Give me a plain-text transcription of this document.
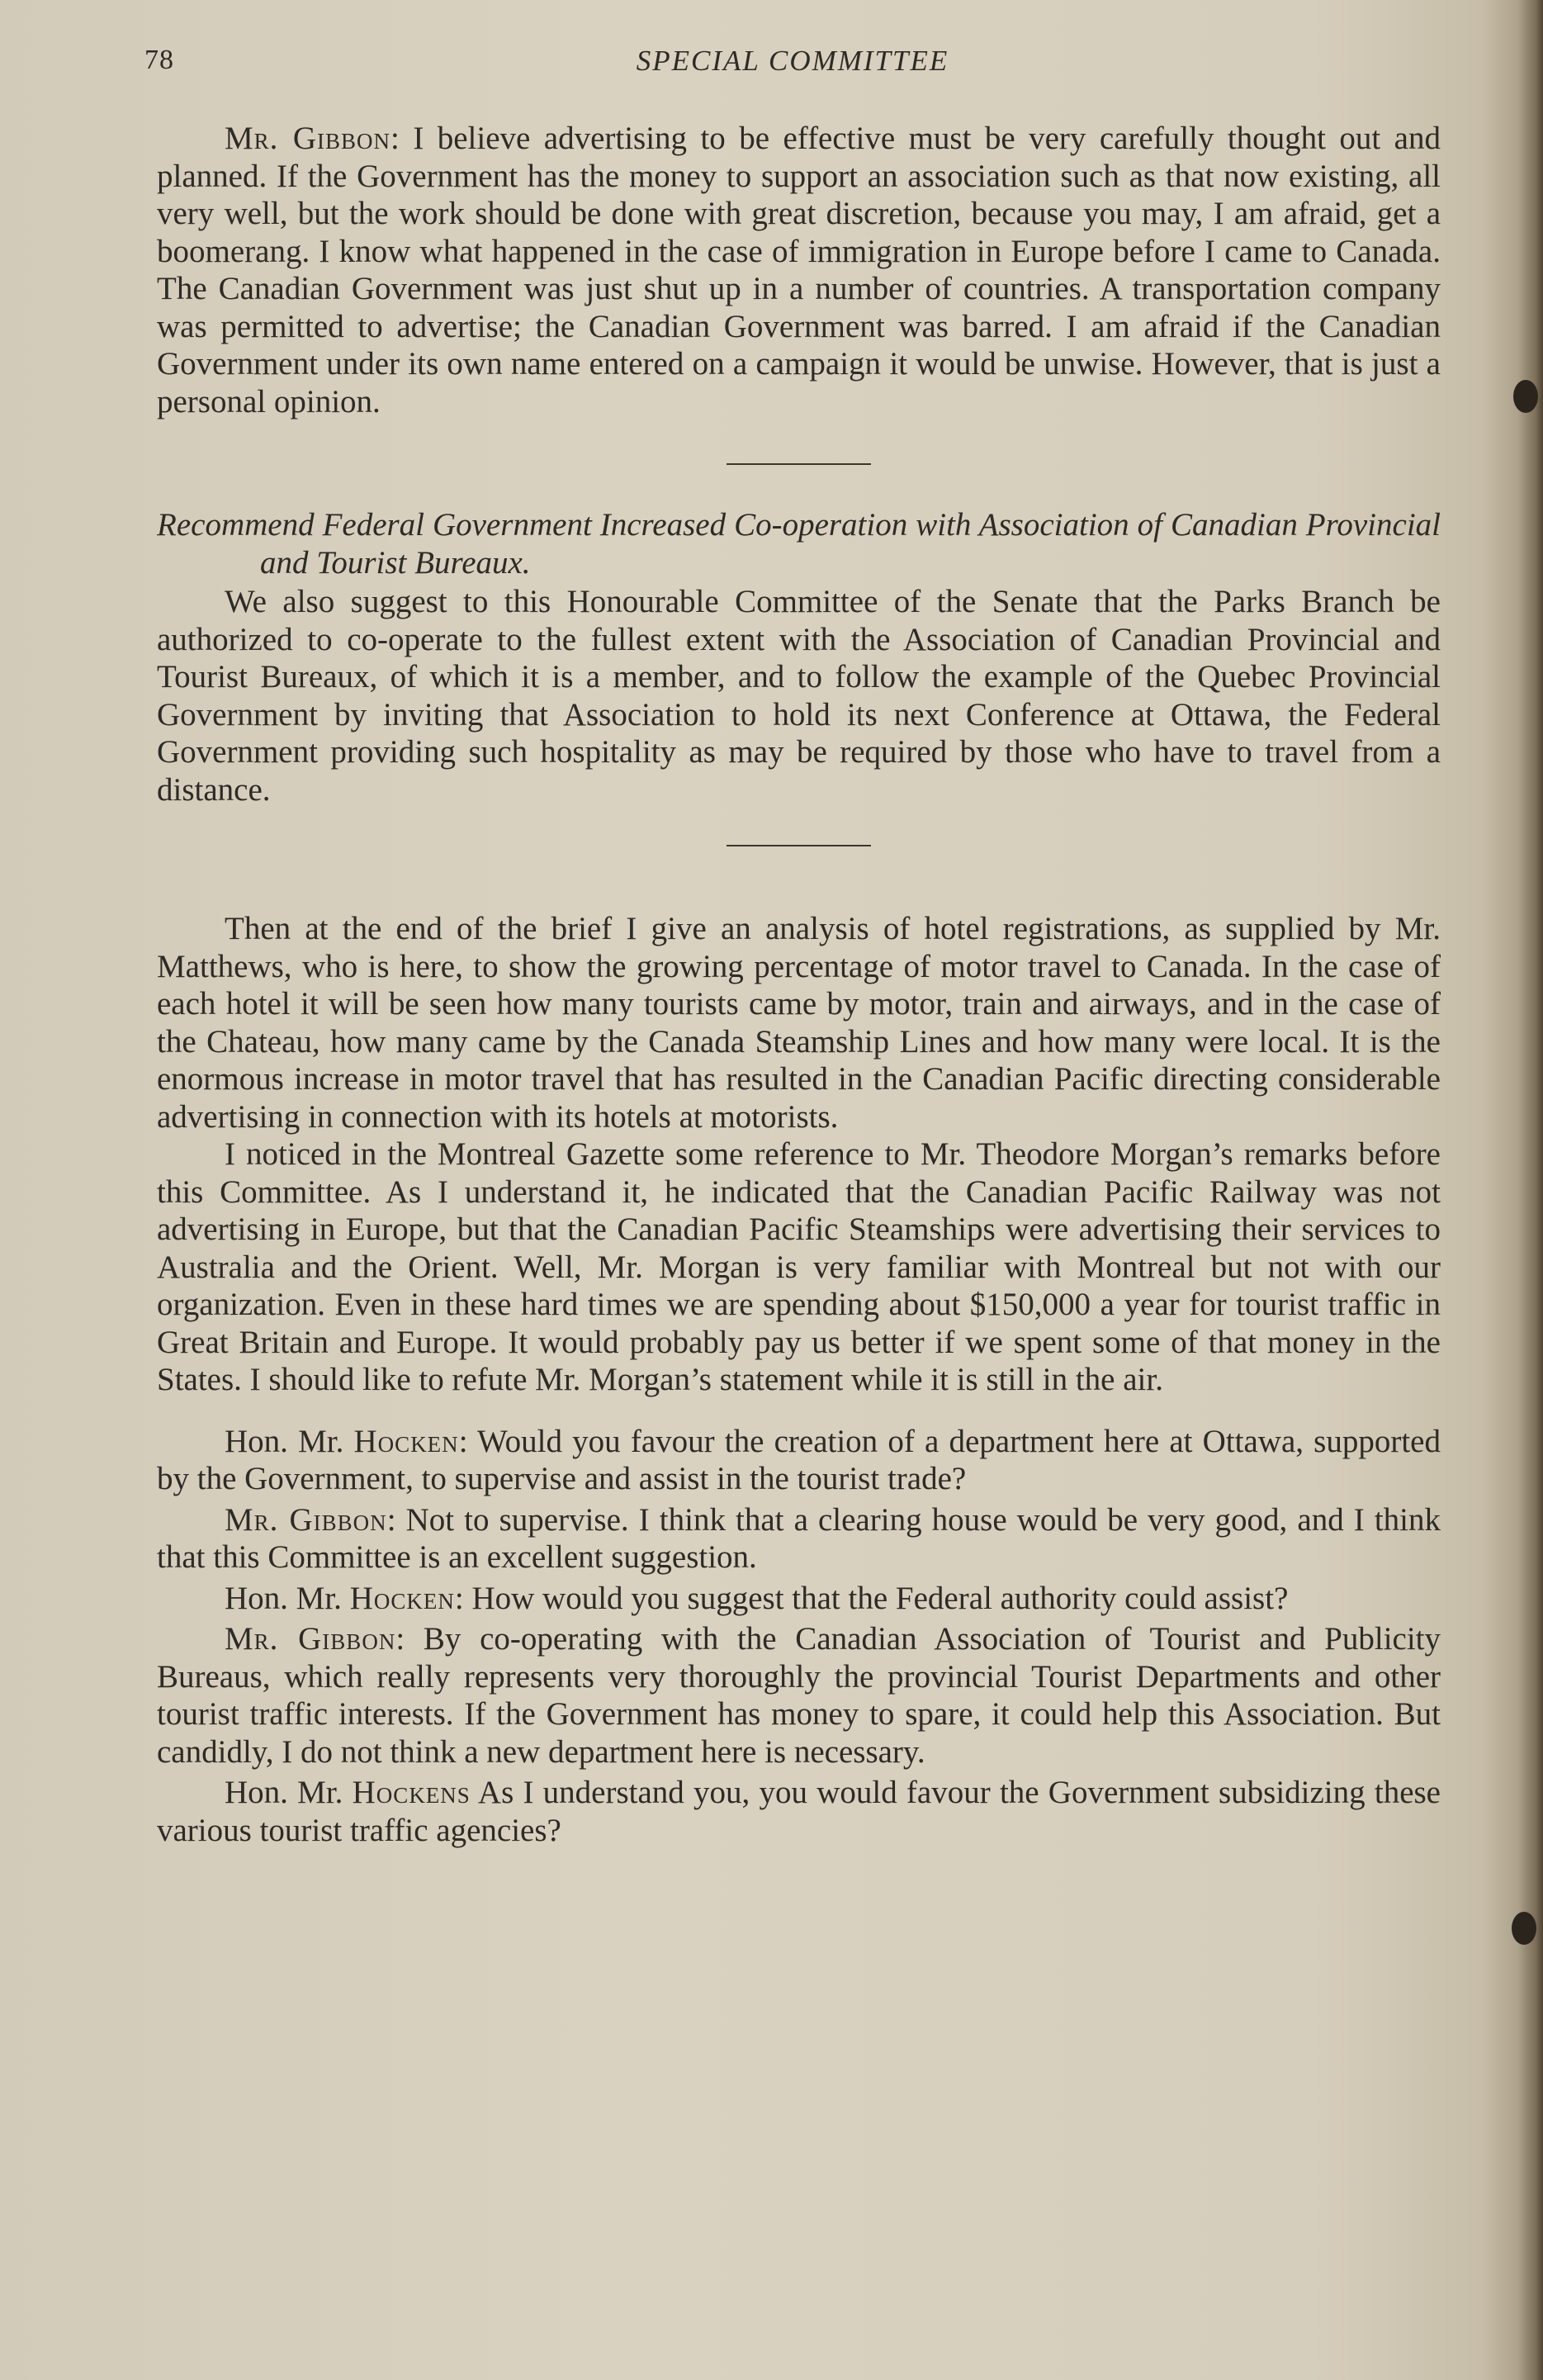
78	SPECIAL COMMITTEE

Mr. Gibbon: I believe advertising to be effective must be very carefully thought out and planned. If the Government has the money to support an association such as that now existing, all very well, but the work should be done with great discretion, because you may, I am afraid, get a boomerang. I know what happened in the case of immigration in Europe before I came to Canada. The Canadian Government was just shut up in a number of countries. A transportation company was permitted to advertise; the Canadian Government was barred. I am afraid if the Canadian Government under its own name entered on a campaign it would be unwise. However, that is just a personal opinion.

Recommend Federal Government Increased Co-operation with Association of Canadian Provincial and Tourist Bureaux.

We also suggest to this Honourable Committee of the Senate that the Parks Branch be authorized to co-operate to the fullest extent with the Association of Canadian Provincial and Tourist Bureaux, of which it is a member, and to follow the example of the Quebec Provincial Government by inviting that Association to hold its next Conference at Ottawa, the Federal Government providing such hospitality as may be required by those who have to travel from a distance.

Then at the end of the brief I give an analysis of hotel registrations, as supplied by Mr. Matthews, who is here, to show the growing percentage of motor travel to Canada. In the case of each hotel it will be seen how many tourists came by motor, train and airways, and in the case of the Chateau, how many came by the Canada Steamship Lines and how many were local. It is the enormous increase in motor travel that has resulted in the Canadian Pacific directing considerable advertising in connection with its hotels at motorists.

I noticed in the Montreal Gazette some reference to Mr. Theodore Morgan’s remarks before this Committee. As I understand it, he indicated that the Canadian Pacific Railway was not advertising in Europe, but that the Canadian Pacific Steamships were advertising their services to Australia and the Orient. Well, Mr. Morgan is very familiar with Montreal but not with our organization. Even in these hard times we are spending about $150,000 a year for tourist traffic in Great Britain and Europe. It would probably pay us better if we spent some of that money in the States. I should like to refute Mr. Morgan’s statement while it is still in the air.

Hon. Mr. Hocken: Would you favour the creation of a department here at Ottawa, supported by the Government, to supervise and assist in the tourist trade?

Mr. Gibbon: Not to supervise. I think that a clearing house would be very good, and I think that this Committee is an excellent suggestion.

Hon. Mr. Hocken: How would you suggest that the Federal authority could assist?

Mr. Gibbon: By co-operating with the Canadian Association of Tourist and Publicity Bureaus, which really represents very thoroughly the provincial Tourist Departments and other tourist traffic interests. If the Government has money to spare, it could help this Association. But candidly, I do not think a new department here is necessary.

Hon. Mr. Hockens As I understand you, you would favour the Government subsidizing these various tourist traffic agencies?
